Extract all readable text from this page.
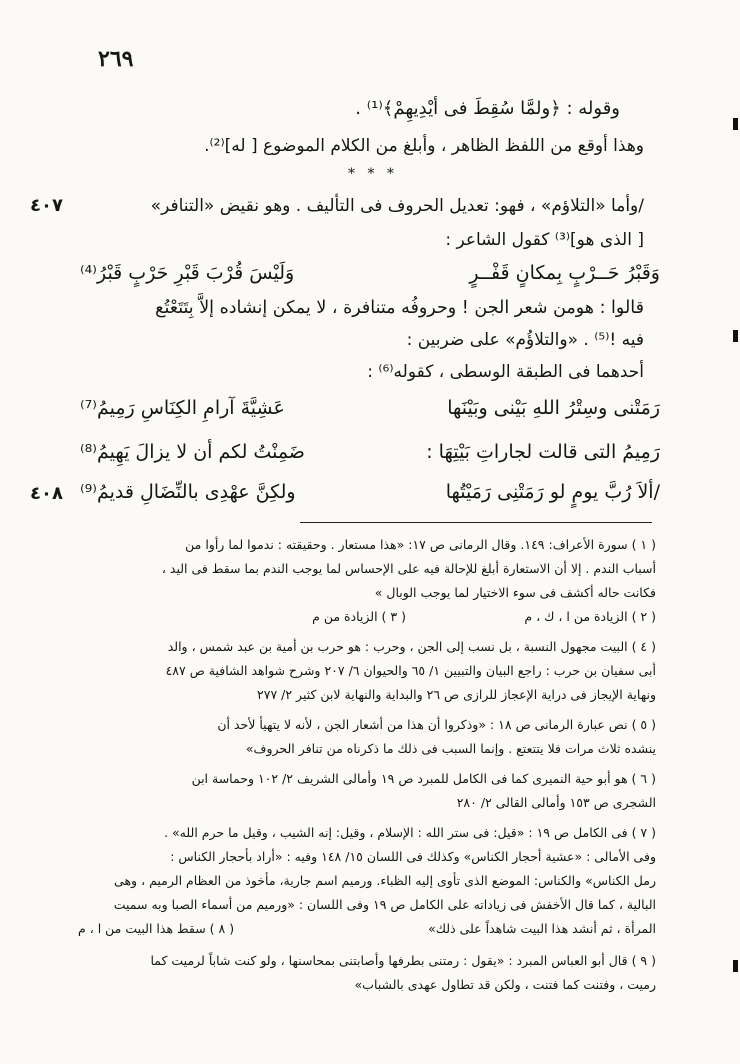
٢٦٩
وقوله : ﴿ولمَّا سُقِطَ فى أيْدِيهِمْ﴾⁽¹⁾ .
وهذا أوقع من اللفظ الظاهر ، وأبلغ من الكلام الموضوع [ له]⁽²⁾.
* * *
٤٠٧	/وأما «التلاؤم» ، فهو: تعديل الحروف فى التأليف . وهو نقيض «التنافر»
[ الذى هو]⁽³⁾ كقول الشاعر :
وَقَبْرُ حَــرْبٍ بِمكانٍ قَفْــرٍ
وَلَيْسَ قُرْبَ قَبْرِ حَرْبٍ قَبْرُ⁽⁴⁾
قالوا : هومن شعر الجن ! وحروفُه متنافرة ، لا يمكن إنشاده إلاَّ بِتَتَعْتُع
فيه !⁽⁵⁾ . «والتلاؤُم» على ضربين :
أحدهما فى الطبقة الوسطى ، كقوله⁽⁶⁾ :
رَمَتْنى وسِتْرُ اللهِ بَيْنى وبَيْنَها
عَشِيَّةَ آرامِ الكِنَاسِ رَمِيمُ⁽⁷⁾
رَمِيمُ التى قالت لجاراتِ بَيْتِهَا :
ضَمِنْتُ لكم أن لا يزالَ يَهِيمُ⁽⁸⁾
٤٠٨	/ألاَ رُبَّ يومٍ لو رَمَتْنِى رَمَيْتُها
ولكِنَّ عهْدِى بالنِّضَالِ قديمُ⁽⁹⁾
( ١ ) سورة الأعراف: ١٤٩. وقال الرمانى ص ١٧: «هذا مستعار . وحقيقته : ندموا لما رأوا من
أسباب الندم . إلا أن الاستعارة أبلغ للإحالة فيه على الإحساس لما يوجب الندم بما سقط فى اليد ،
فكانت حاله أكشف فى سوء الاختيار لما يوجب الوبال »
( ٢ ) الزيادة من ا ، ك ، م
( ٣ ) الزيادة من م
( ٤ ) البيت مجهول النسبة ، بل نسب إلى الجن ، وحرب : هو حرب بن أمية بن عبد شمس ، والد
أبى سفيان بن حرب : راجع البيان والتبيين ١/ ٦٥ والحيوان ٦/ ٢٠٧ وشرح شواهد الشافية ص ٤٨٧
ونهاية الإيجاز فى دراية الإعجاز للرازى ص ٢٦ والبداية والنهاية لابن كثير ٢/ ٢٧٧
( ٥ ) نص عبارة الرمانى ص ١٨ : «وذكروا أن هذا من أشعار الجن ، لأنه لا يتهيأ لأحد أن
ينشده ثلاث مرات فلا يتتعتع . وإنما السبب فى ذلك ما ذكرناه من تنافر الحروف»
( ٦ ) هو أبو حية النميرى كما فى الكامل للمبرد ص ١٩ وأمالى الشريف ٢/ ١٠٢ وحماسة ابن
الشجرى ص ١٥٣ وأمالى القالى ٢/ ٢٨٠
( ٧ ) فى الكامل ص ١٩ : «قيل: فى ستر الله : الإسلام ، وقيل: إنه الشيب ، وقيل ما حرم الله» .
وفى الأمالى : «عشية أحجار الكناس» وكذلك فى اللسان ١٥/ ١٤٨ وفيه : «أراد بأحجار الكناس :
رمل الكناس» والكناس: الموضع الذى تأوى إليه الظباء. ورميم اسم جارية، مأخوذ من العظام الرميم ، وهى
البالية ، كما قال الأخفش فى زياداته على الكامل ص ١٩ وفى اللسان : «ورميم من أسماء الصبا وبه سميت
المرأة ، ثم أنشد هذا البيت شاهداً على ذلك»
( ٨ ) سقط هذا البيت من ا ، م
( ٩ ) قال أبو العباس المبرد : «يقول : رمتنى بطرفها وأصابتنى بمحاسنها ، ولو كنت شاباً لرميت كما
رميت ، وفتنت كما فتنت ، ولكن قد تطاول عهدى بالشباب»
